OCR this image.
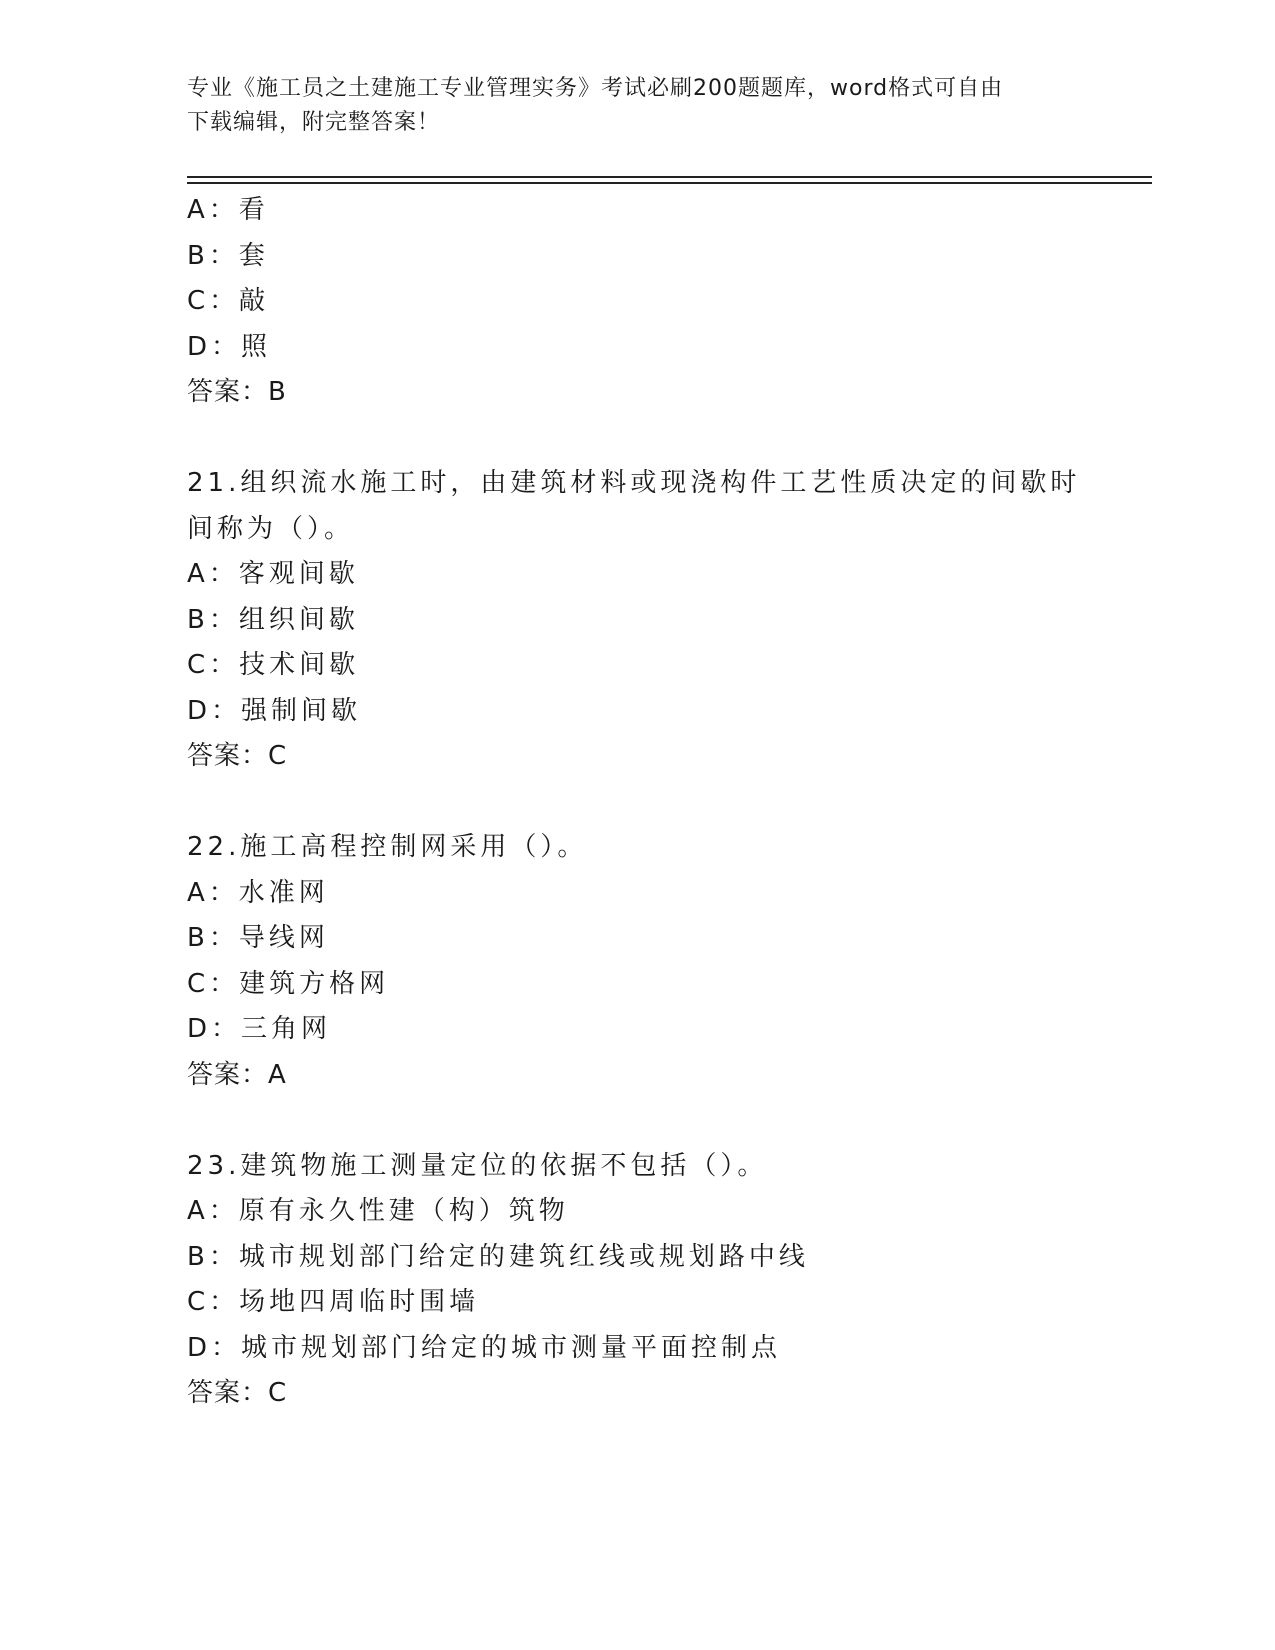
专业《施工员之土建施工专业管理实务》考试必刷200题题库，word格式可自由
下载编辑，附完整答案！
A：看
B：套
C：敲
D：照
答案：B
21.组织流水施工时，由建筑材料或现浇构件工艺性质决定的间歇时间称为（）。
A：客观间歇
B：组织间歇
C：技术间歇
D：强制间歇
答案：C
22.施工高程控制网采用（）。
A：水准网
B：导线网
C：建筑方格网
D：三角网
答案：A
23.建筑物施工测量定位的依据不包括（）。
A：原有永久性建（构）筑物
B：城市规划部门给定的建筑红线或规划路中线
C：场地四周临时围墙
D：城市规划部门给定的城市测量平面控制点
答案：C
